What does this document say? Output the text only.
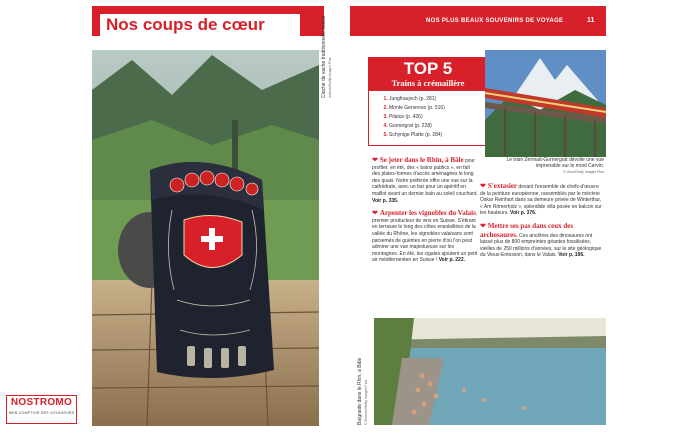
Nos coups de cœur	Cloche de vache traditionnelle suisse mikeuk/Getty Images Plus
NOS PLUS BEAUX SOUVENIRS DE VOYAGE	11
TOP 5
Trains à crémaillère
1. Jungfraujoch (p. 281)
2. Monte Generoso (p. 516)
3. Pilatus (p. 426)
4. Gornergrat (p. 228)
5. Schynige Platte (p. 284)
Le train Zermatt-Gornergrat dévoile une vue imprenable sur le mont Cervin.
© Gord/Getty Images Plus
❤ Se jeter dans le Rhin, à Bâle pour profiter, en été, des « bains publics », en fait des plates-formes d'accès aménagées le long des quais. Notre préférée offre une vue sur la cathédrale, avec un bar pour un apéritif en maillot avant un dernier bain au soleil couchant. Voir p. 335.
❤ Arpenter les vignobles du Valais, premier producteur de vins en Suisse. S'étirant en terrasse le long des côtes ensoleillées de la vallée du Rhône, les vignobles valaisans sont parsemés de guérites en pierre d'où l'on peut admirer une vue majestueuse sur les montagnes. En été, les cigales ajoutent un petit air méditerranéen en Suisse ! Voir p. 222.
❤ S'extasier devant l'ensemble de chefs-d'œuvre de la peinture européenne, rassemblés par le mécène Oskar Reinhart dans sa demeure privée de Winterthur, « Am Römerholz », splendide villa posée en balcon sur les hauteurs. Voir p. 376.
❤ Mettre ses pas dans ceux des archosaures. Ces ancêtres des dinosaures ont laissé plus de 800 empreintes géantes fossilisées, vieilles de 250 millions d'années, sur le site géologique du Vieux-Emosson, dans le Valais. Voir p. 196.
Baignade dans le Rhin, à Bâle © Robson/Getty Images Plus
NOSTROMO
WEB COMPTOIR DES VOYAGEURS
